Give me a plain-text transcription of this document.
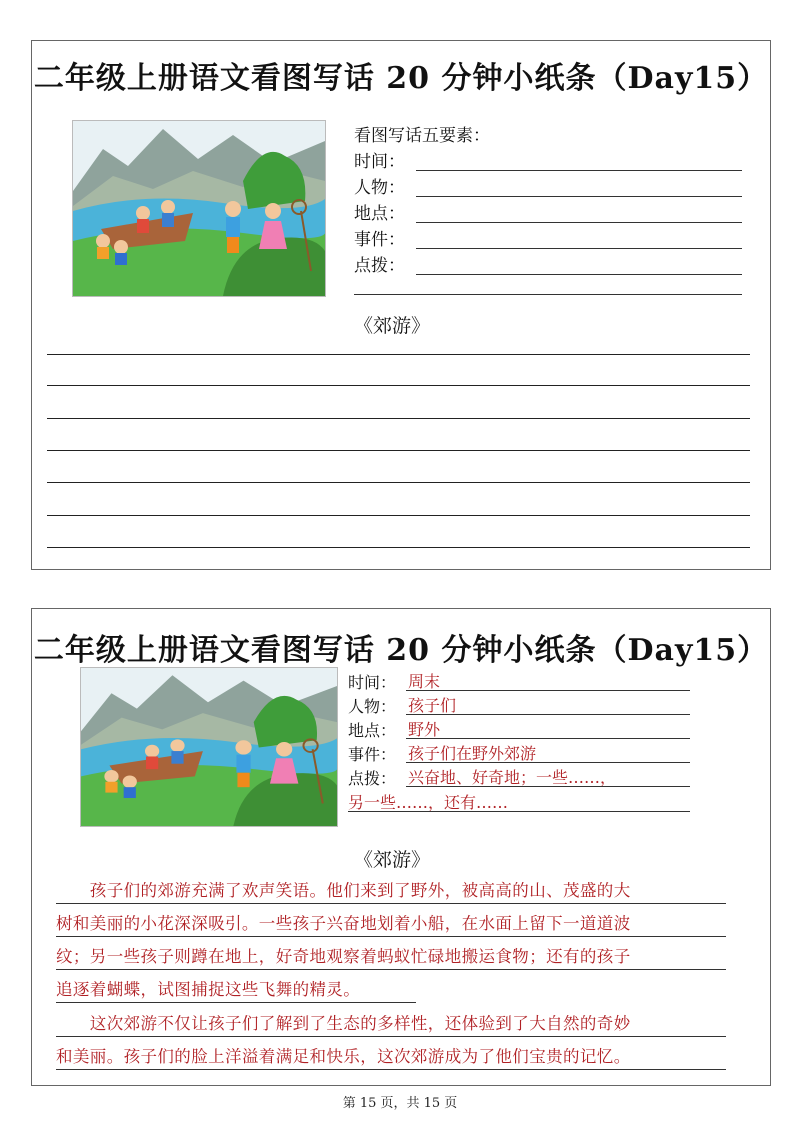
二年级上册语文看图写话 20 分钟小纸条（Day15）
看图写话五要素：
时间：
人物：
地点：
事件：
点拨：
《郊游》
二年级上册语文看图写话 20 分钟小纸条（Day15）
时间： 周末
人物： 孩子们
地点： 野外
事件： 孩子们在野外郊游
点拨： 兴奋地、好奇地；一些……，
另一些……，还有……
《郊游》
　　孩子们的郊游充满了欢声笑语。他们来到了野外，被高高的山、茂盛的大
树和美丽的小花深深吸引。一些孩子兴奋地划着小船，在水面上留下一道道波
纹；另一些孩子则蹲在地上，好奇地观察着蚂蚁忙碌地搬运食物；还有的孩子
追逐着蝴蝶，试图捕捉这些飞舞的精灵。
　　这次郊游不仅让孩子们了解到了生态的多样性，还体验到了大自然的奇妙
和美丽。孩子们的脸上洋溢着满足和快乐，这次郊游成为了他们宝贵的记忆。
第 15 页，共 15 页
